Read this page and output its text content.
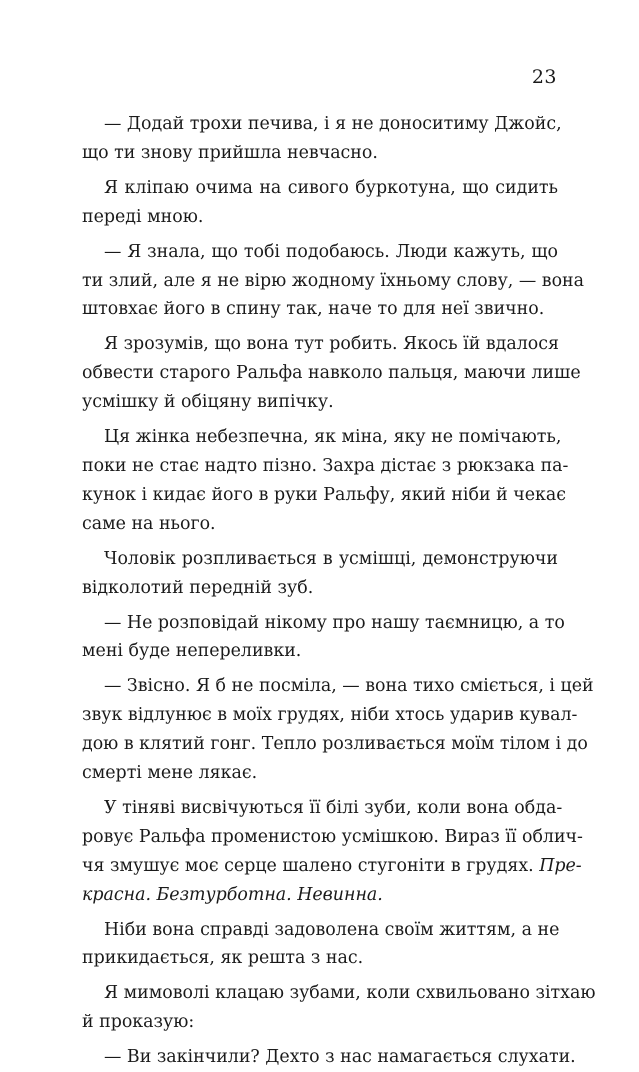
23
— Додай трохи печива, і я не доноситиму Джойс,
що ти знову прийшла невчасно.
Я кліпаю очима на сивого буркотуна, що сидить
переді мною.
— Я знала, що тобі подобаюсь. Люди кажуть, що
ти злий, але я не вірю жодному їхньому слову, — вона
штовхає його в спину так, наче то для неї звично.
Я зрозумів, що вона тут робить. Якось їй вдалося
обвести старого Ральфа навколо пальця, маючи лише
усмішку й обіцяну випічку.
Ця жінка небезпечна, як міна, яку не помічають,
поки не стає надто пізно. Захра дістає з рюкзака па-
кунок і кидає його в руки Ральфу, який ніби й чекає
саме на нього.
Чоловік розпливається в усмішці, демонструючи
відколотий передній зуб.
— Не розповідай нікому про нашу таємницю, а то
мені буде непереливки.
— Звісно. Я б не посміла, — вона тихо сміється, і цей
звук відлунює в моїх грудях, ніби хтось ударив кувал-
дою в клятий гонг. Тепло розливається моїм тілом і до
смерті мене лякає.
У тіняві висвічуються її білі зуби, коли вона обда-
ровує Ральфа променистою усмішкою. Вираз її облич-
чя змушує моє серце шалено стугоніти в грудях. Пре-
красна. Безтурботна. Невинна.
Ніби вона справді задоволена своїм життям, а не
прикидається, як решта з нас.
Я мимоволі клацаю зубами, коли схвильовано зітхаю
й проказую:
— Ви закінчили? Дехто з нас намагається слухати.
